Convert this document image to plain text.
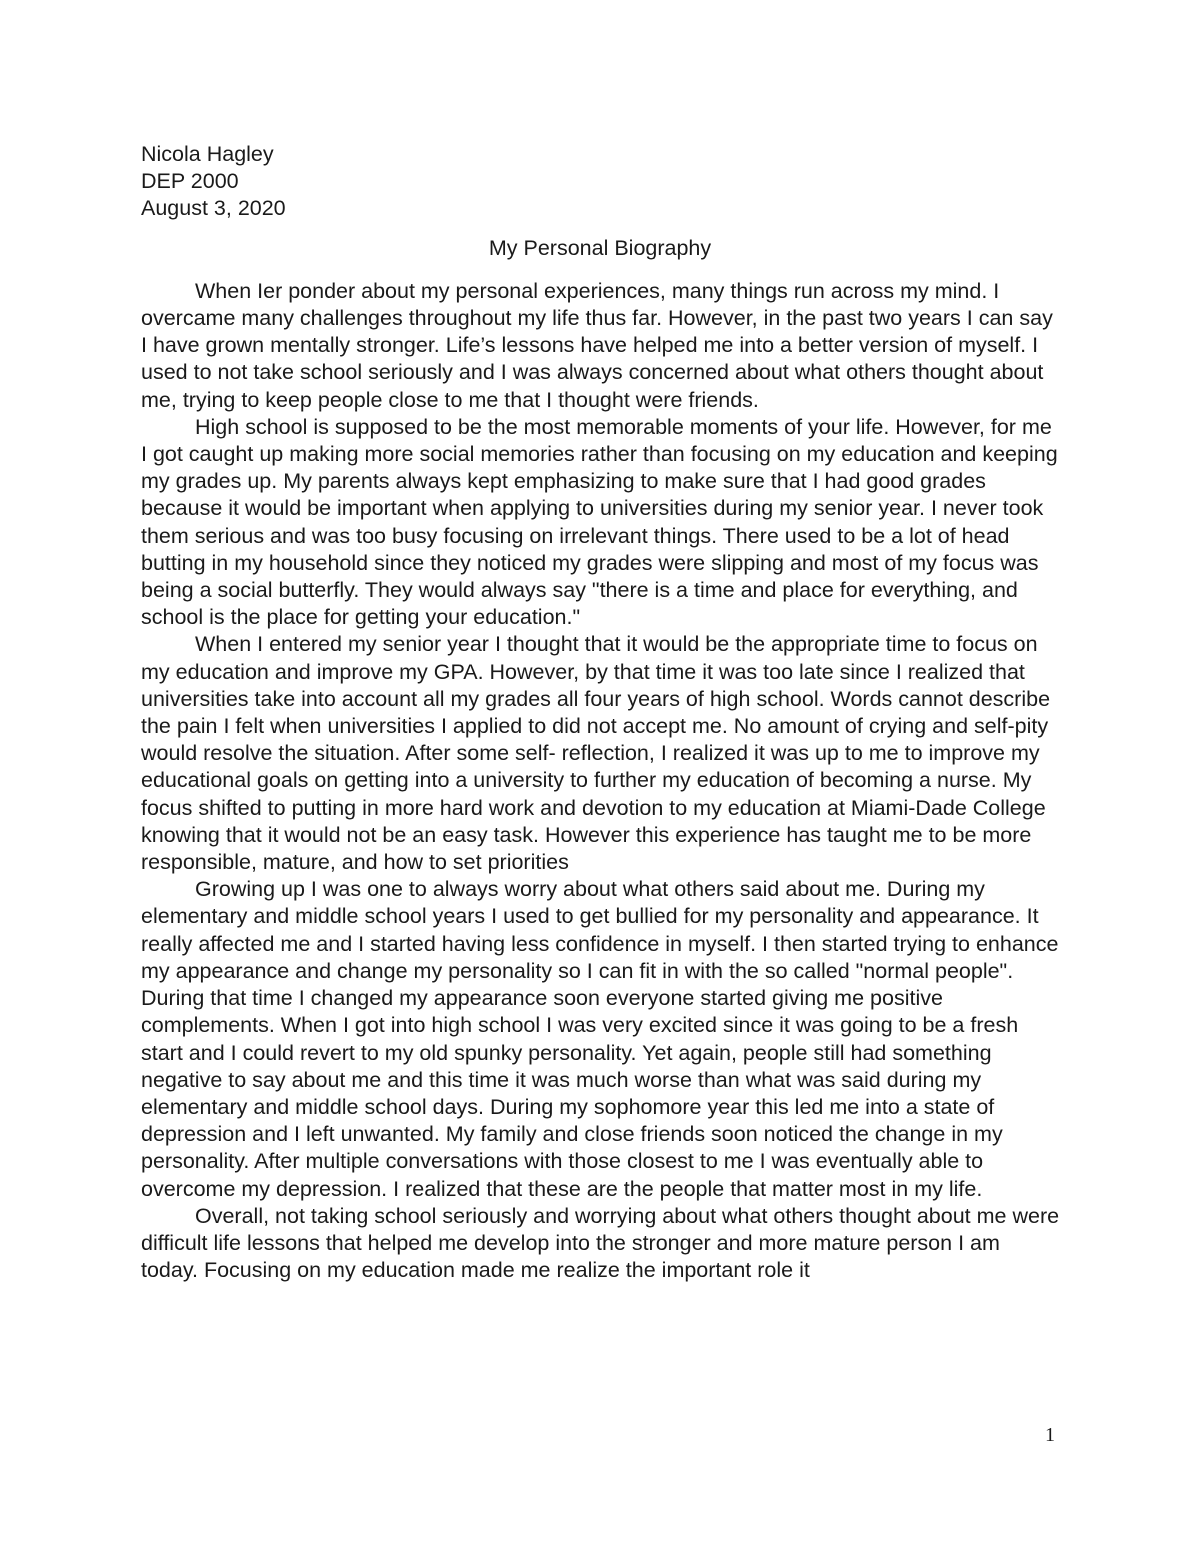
Nicola Hagley

DEP 2000

August 3, 2020

My Personal Biography

When Ier ponder about my personal experiences, many things run across my mind. I overcame many challenges throughout my life thus far. However, in the past two years I can say I have grown mentally stronger. Life’s lessons have helped me into a better version of myself. I used to not take school seriously and I was always concerned about what others thought about me, trying to keep people close to me that I thought were friends.

High school is supposed to be the most memorable moments of your life. However, for me I got caught up making more social memories rather than focusing on my education and keeping my grades up. My parents always kept emphasizing to make sure that I had good grades because it would be important when applying to universities during my senior year. I never took them serious and was too busy focusing on irrelevant things. There used to be a lot of head butting in my household since they noticed my grades were slipping and most of my focus was being a social butterfly. They would always say "there is a time and place for everything, and school is the place for getting your education."

When I entered my senior year I thought that it would be the appropriate time to focus on my education and improve my GPA. However, by that time it was too late since I realized that universities take into account all my grades all four years of high school. Words cannot describe the pain I felt when universities I applied to did not accept me. No amount of crying and self-pity would resolve the situation. After some self- reflection, I realized it was up to me to improve my educational goals on getting into a university to further my education of becoming a nurse. My focus shifted to putting in more hard work and devotion to my education at Miami-Dade College knowing that it would not be an easy task. However this experience has taught me to be more responsible, mature, and how to set priorities

Growing up I was one to always worry about what others said about me. During my elementary and middle school years I used to get bullied for my personality and appearance. It really affected me and I started having less confidence in myself. I then started trying to enhance my appearance and change my personality so I can fit in with the so called "normal people". During that time I changed my appearance soon everyone started giving me positive complements. When I got into high school I was very excited since it was going to be a fresh start and I could revert to my old spunky personality. Yet again, people still had something negative to say about me and this time it was much worse than what was said during my elementary and middle school days. During my sophomore year this led me into a state of depression and I left unwanted. My family and close friends soon noticed the change in my personality. After multiple conversations with those closest to me I was eventually able to overcome my depression. I realized that these are the people that matter most in my life.

Overall, not taking school seriously and worrying about what others thought about me were difficult life lessons that helped me develop into the stronger and more mature person I am today. Focusing on my education made me realize the important role it

1
